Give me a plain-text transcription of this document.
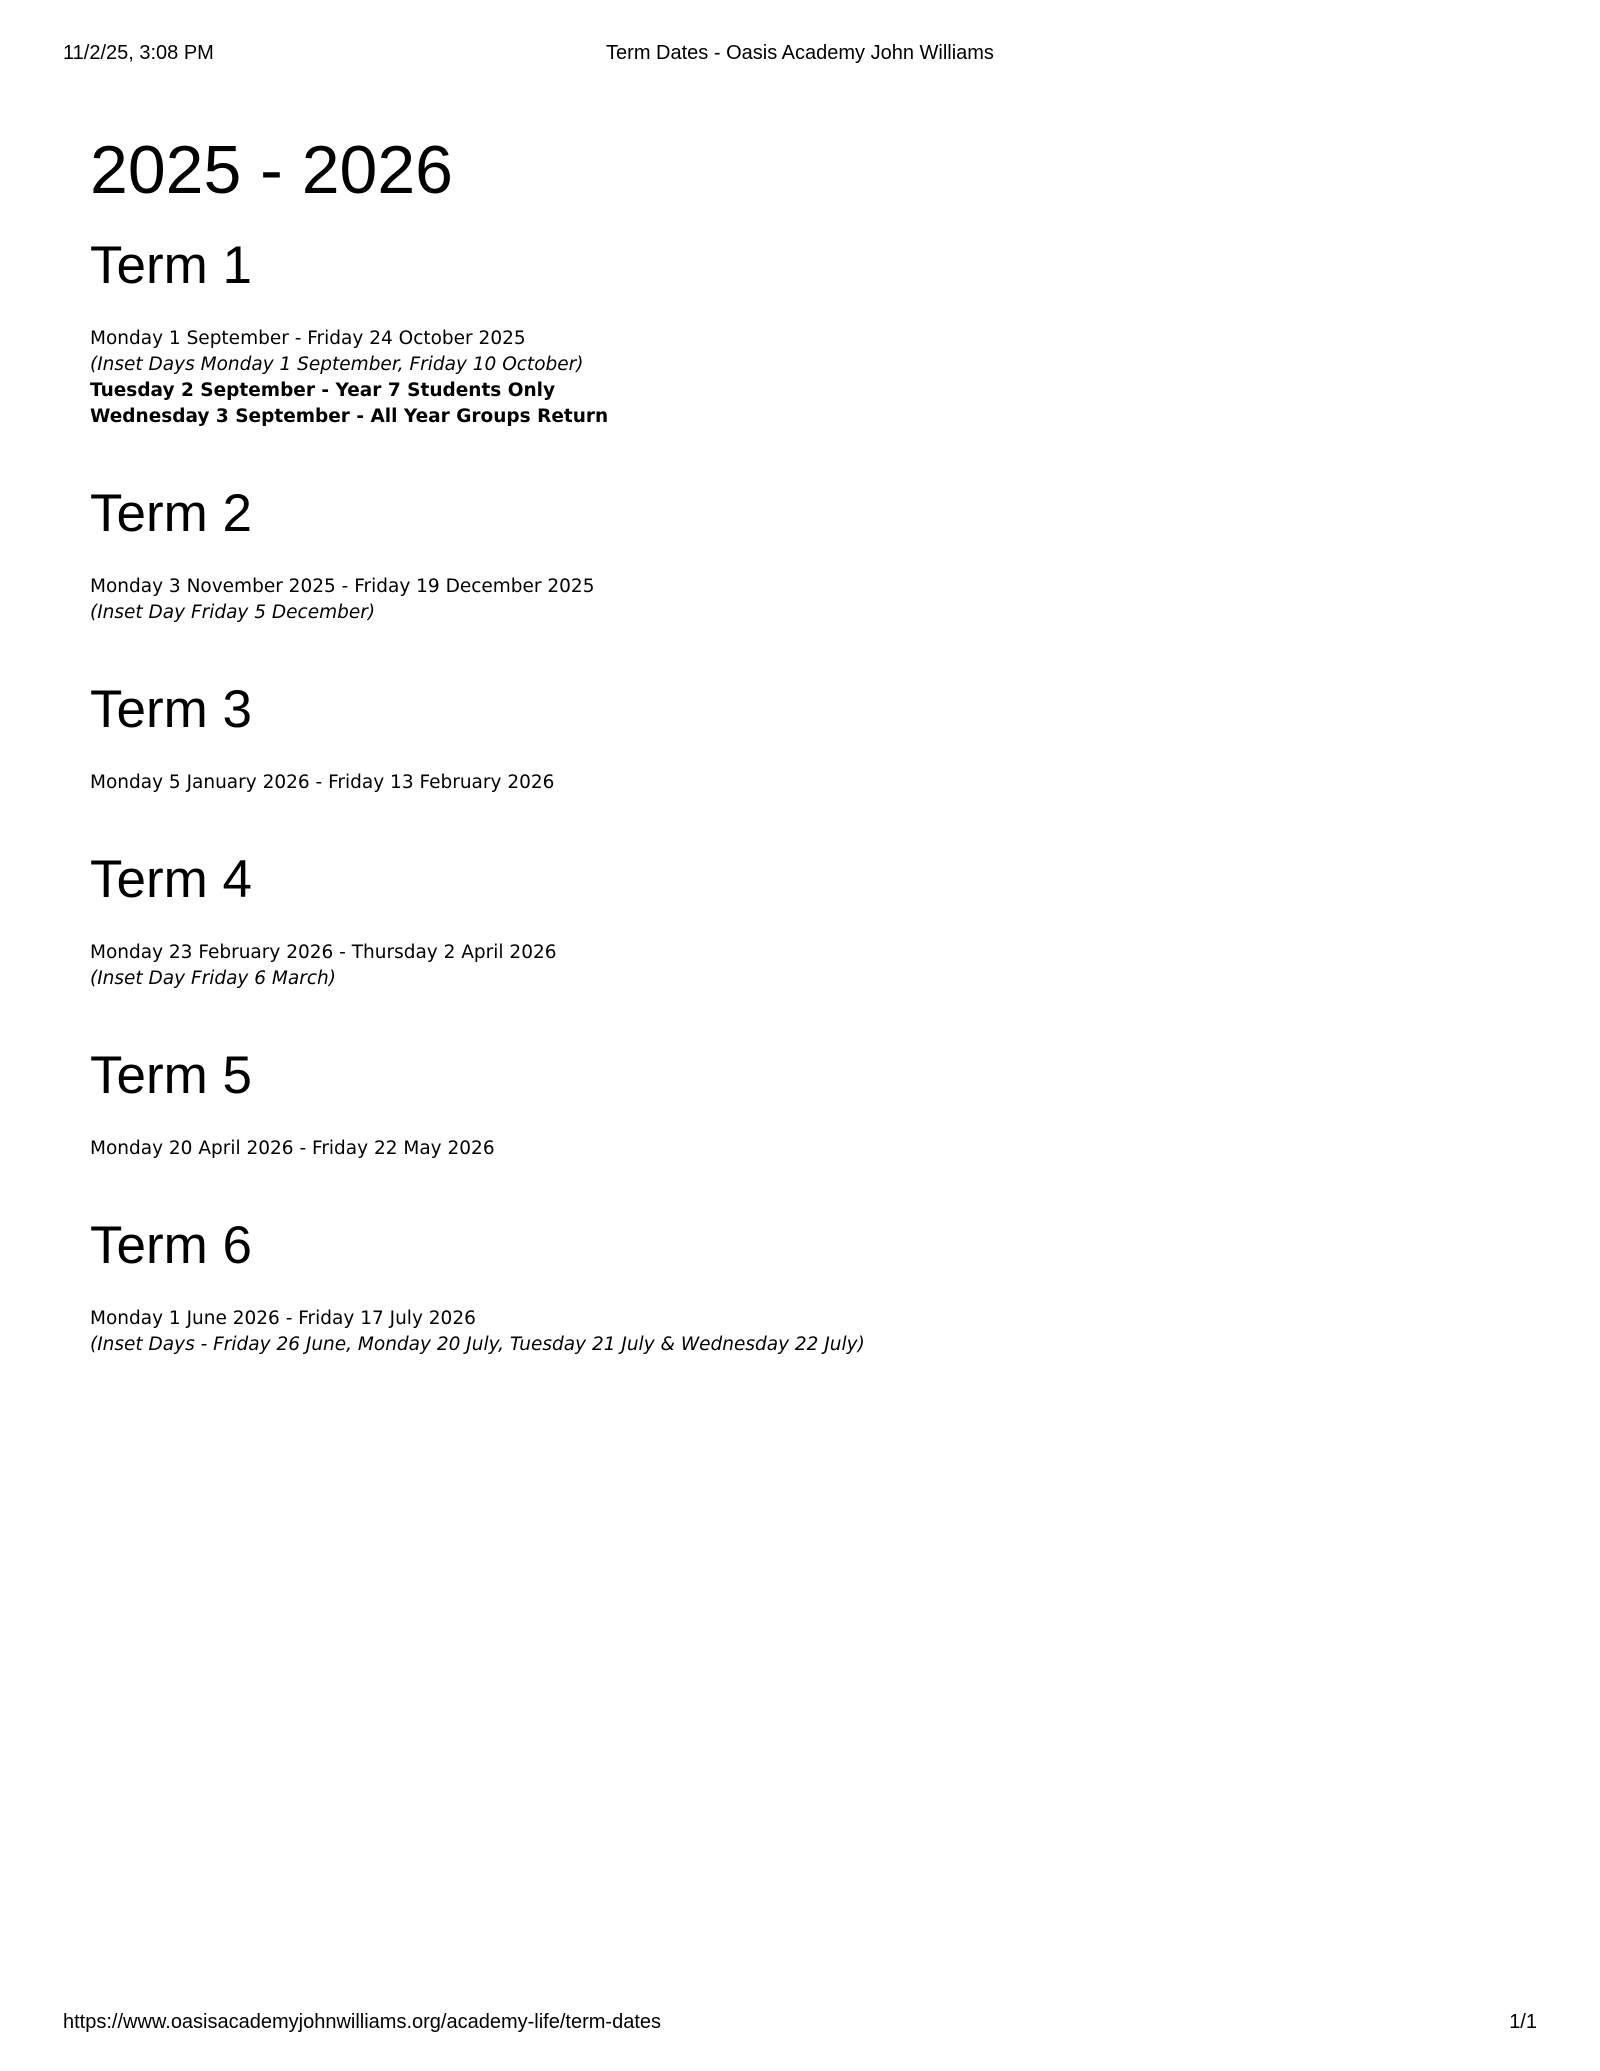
11/2/25, 3:08 PM	Term Dates - Oasis Academy John Williams
2025 - 2026
Term 1
Monday 1 September - Friday 24 October 2025
(Inset Days Monday 1 September, Friday 10 October)
Tuesday 2 September - Year 7 Students Only
Wednesday 3 September - All Year Groups Return
Term 2
Monday 3 November 2025 - Friday 19 December 2025
(Inset Day Friday 5 December)
Term 3
Monday 5 January 2026 - Friday 13 February 2026
Term 4
Monday 23 February 2026 - Thursday 2 April 2026
(Inset Day Friday 6 March)
Term 5
Monday 20 April 2026 - Friday 22 May 2026
Term 6
Monday 1 June 2026 - Friday 17 July 2026
(Inset Days - Friday 26 June, Monday 20 July, Tuesday 21 July & Wednesday 22 July)
https://www.oasisacademyjohnwilliams.org/academy-life/term-dates	1/1
